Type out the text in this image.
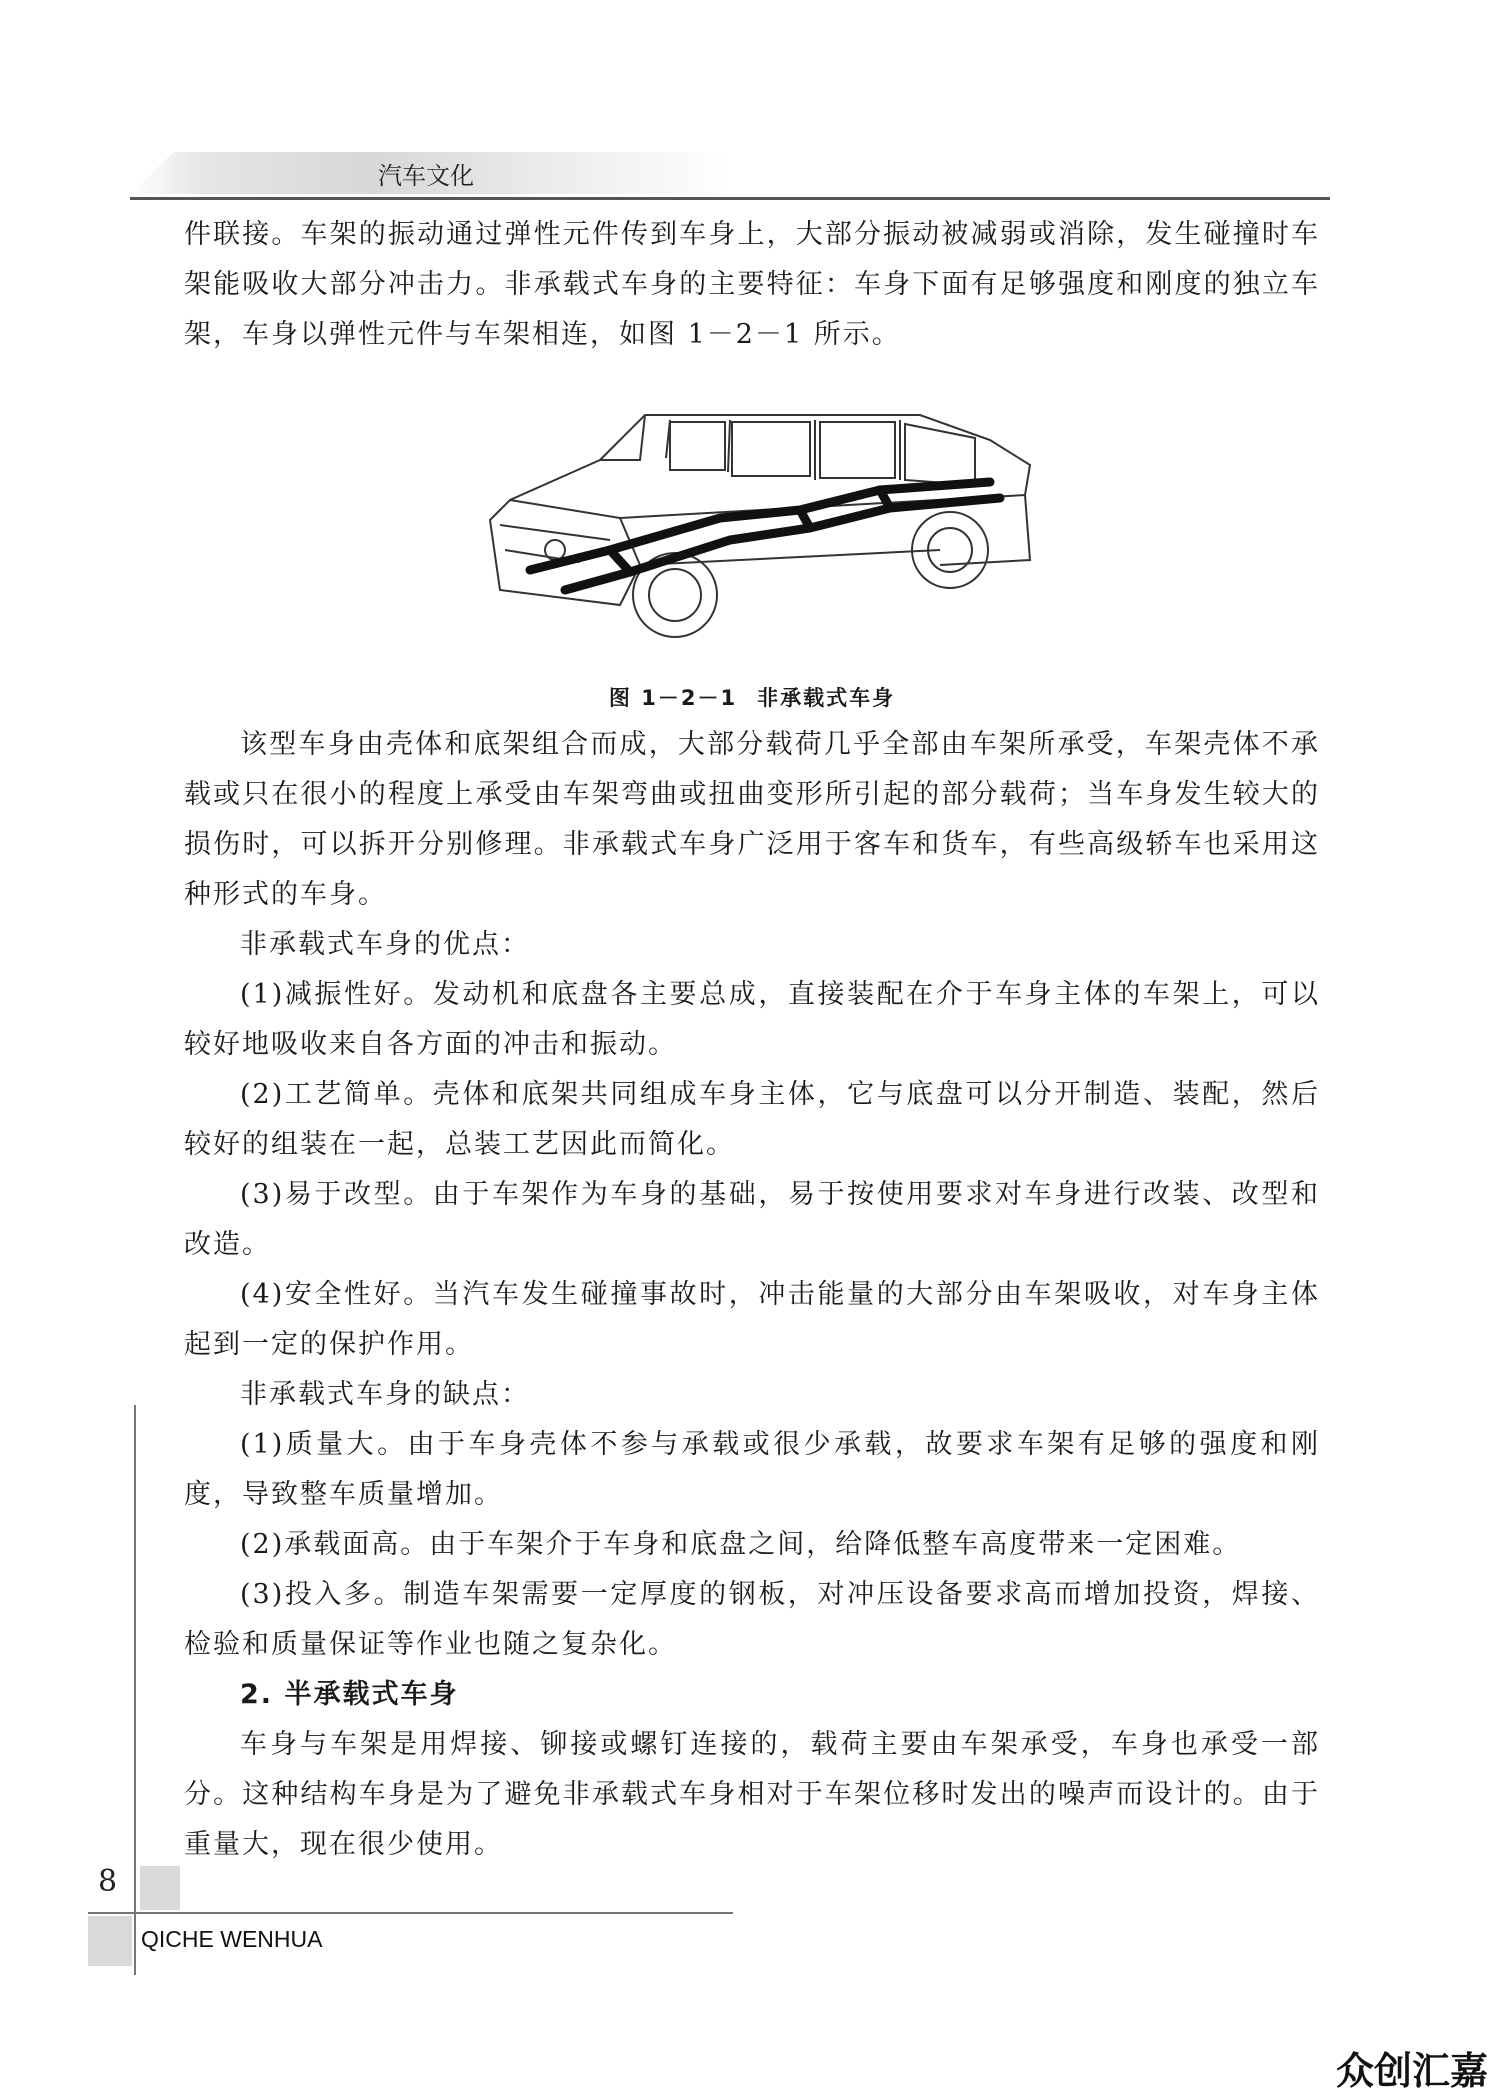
汽车文化

件联接。车架的振动通过弹性元件传到车身上，大部分振动被减弱或消除，发生碰撞时车架能吸收大部分冲击力。非承载式车身的主要特征：车身下面有足够强度和刚度的独立车架，车身以弹性元件与车架相连，如图 1－2－1 所示。

图 1－2－1 非承载式车身

该型车身由壳体和底架组合而成，大部分载荷几乎全部由车架所承受，车架壳体不承载或只在很小的程度上承受由车架弯曲或扭曲变形所引起的部分载荷；当车身发生较大的损伤时，可以拆开分别修理。非承载式车身广泛用于客车和货车，有些高级轿车也采用这种形式的车身。

非承载式车身的优点：

(1)减振性好。发动机和底盘各主要总成，直接装配在介于车身主体的车架上，可以较好地吸收来自各方面的冲击和振动。

(2)工艺简单。壳体和底架共同组成车身主体，它与底盘可以分开制造、装配，然后较好的组装在一起，总装工艺因此而简化。

(3)易于改型。由于车架作为车身的基础，易于按使用要求对车身进行改装、改型和改造。

(4)安全性好。当汽车发生碰撞事故时，冲击能量的大部分由车架吸收，对车身主体起到一定的保护作用。

非承载式车身的缺点：

(1)质量大。由于车身壳体不参与承载或很少承载，故要求车架有足够的强度和刚度，导致整车质量增加。

(2)承载面高。由于车架介于车身和底盘之间，给降低整车高度带来一定困难。

(3)投入多。制造车架需要一定厚度的钢板，对冲压设备要求高而增加投资，焊接、检验和质量保证等作业也随之复杂化。

2. 半承载式车身

车身与车架是用焊接、铆接或螺钉连接的，载荷主要由车架承受，车身也承受一部分。这种结构车身是为了避免非承载式车身相对于车架位移时发出的噪声而设计的。由于重量大，现在很少使用。

8
QICHE WENHUA
众创汇嘉
